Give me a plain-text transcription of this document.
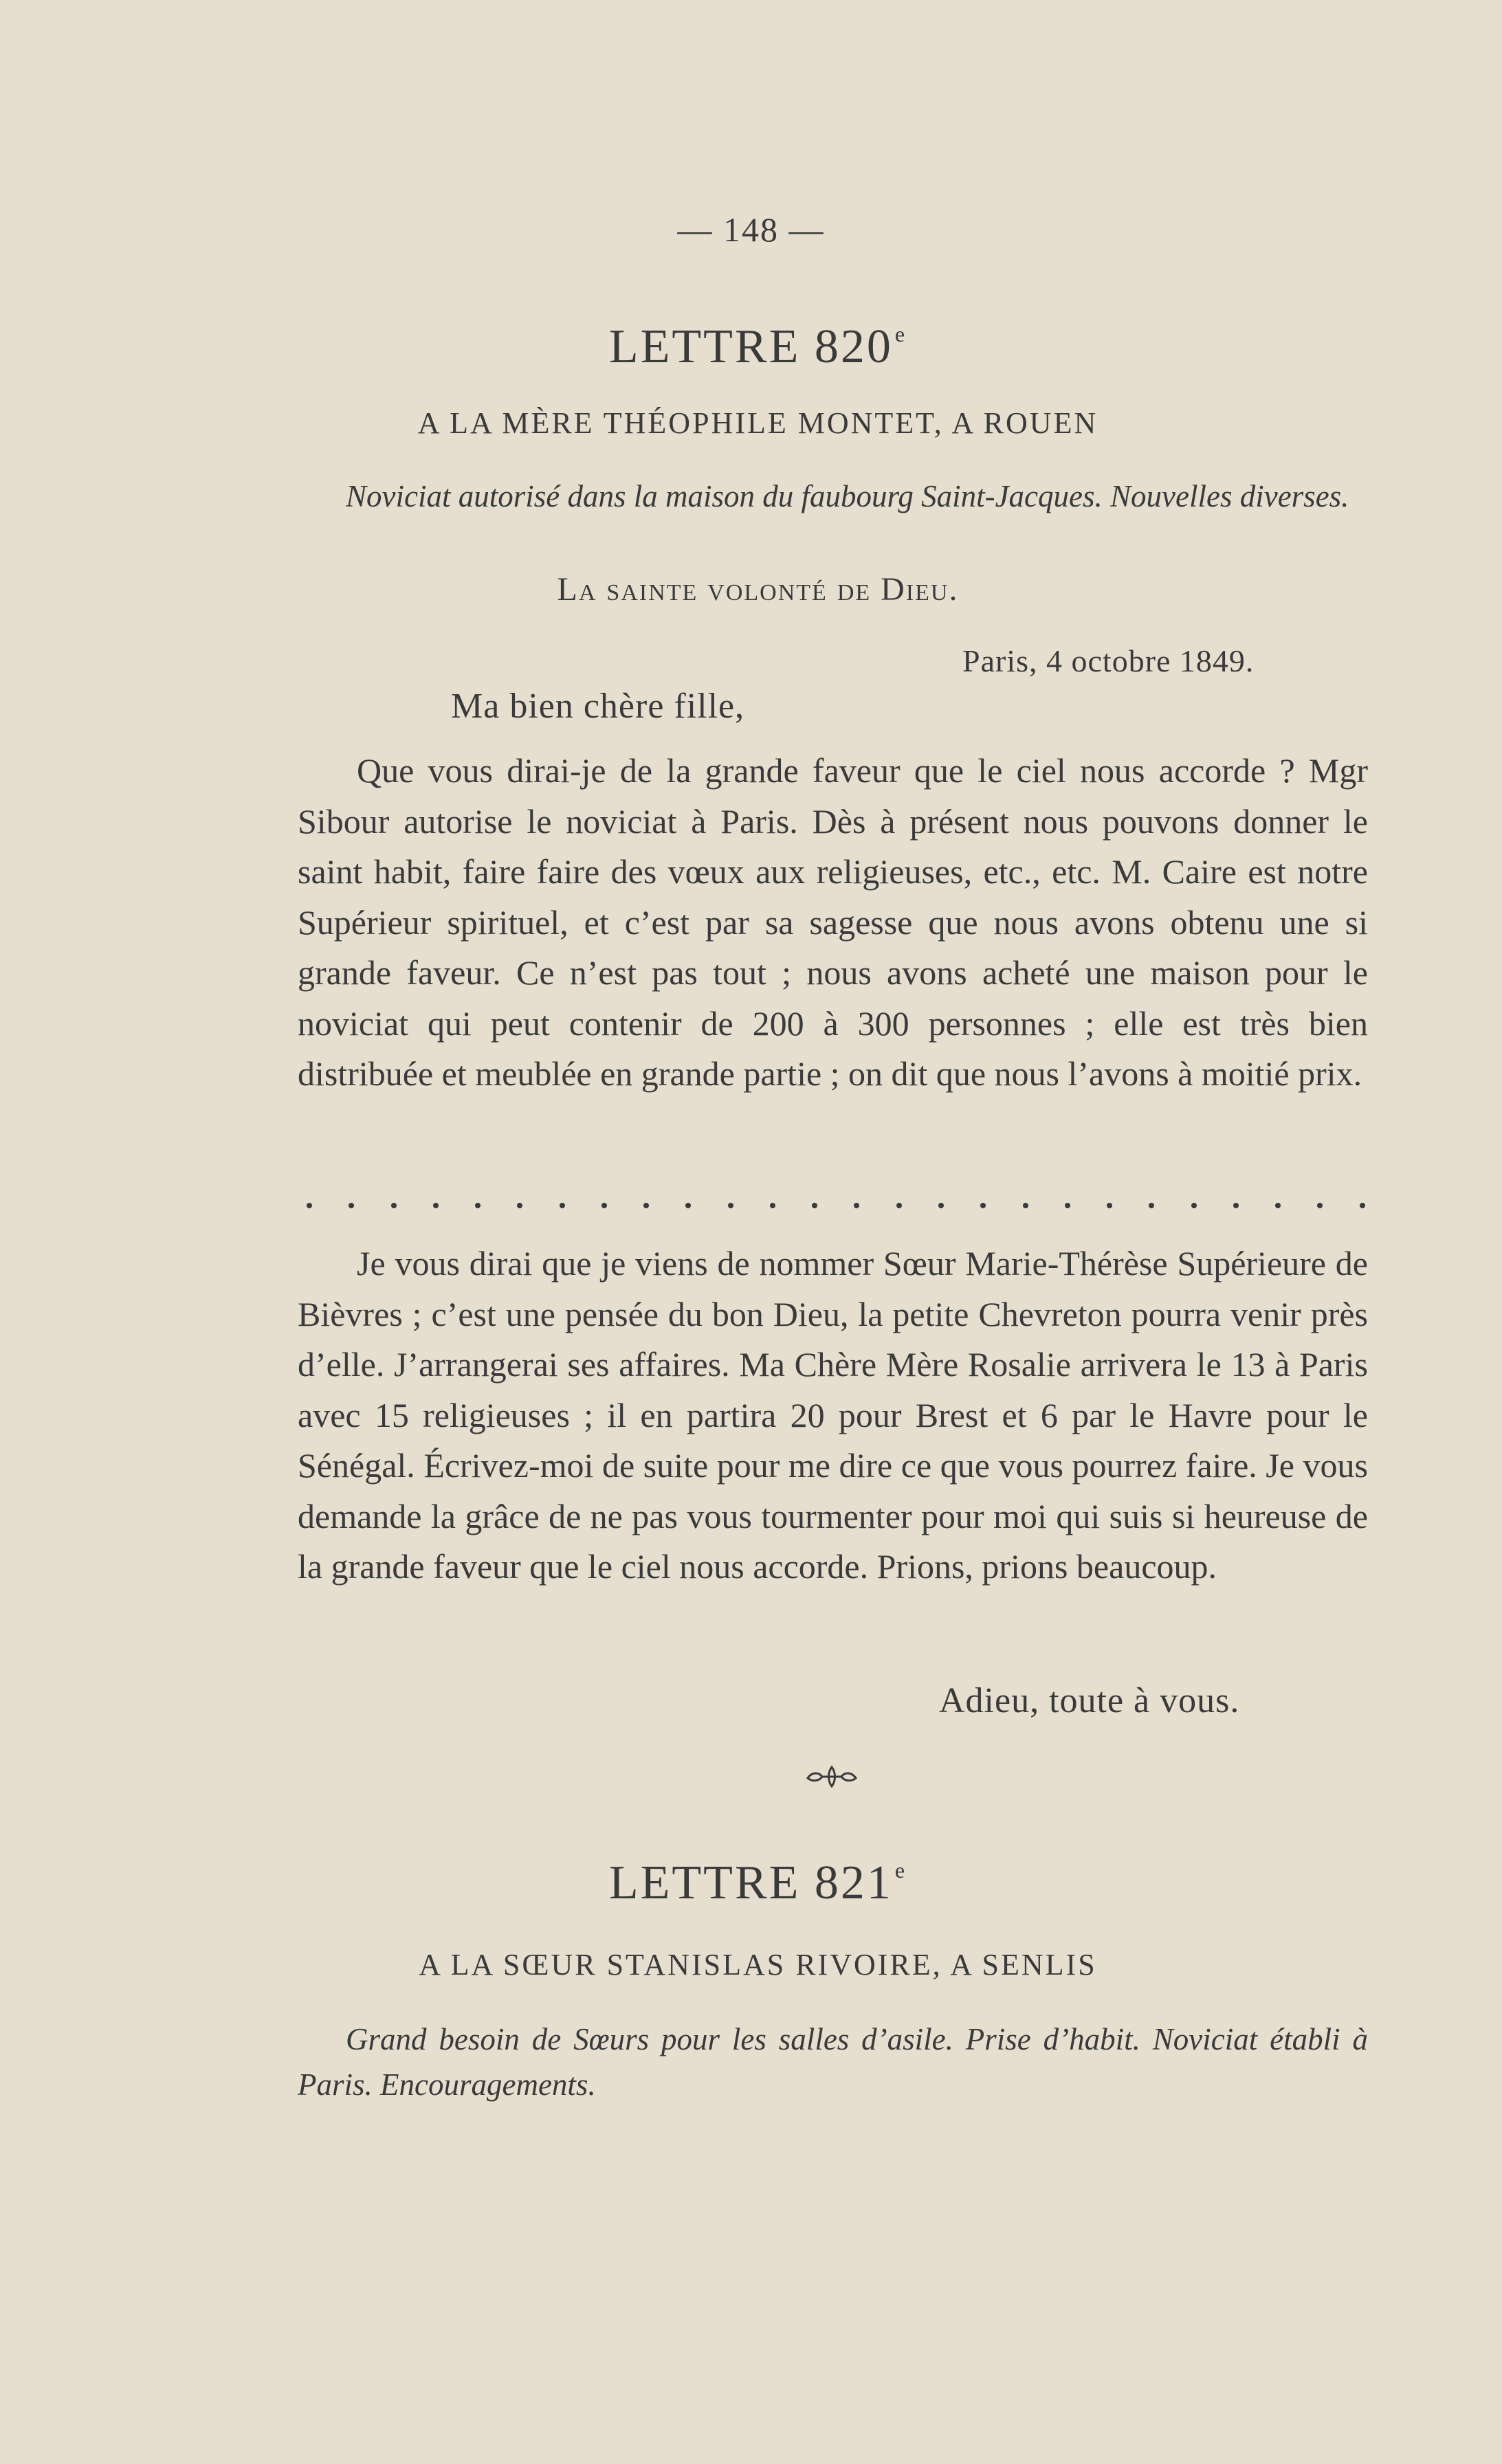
— 148 —
LETTRE 820e
A LA MÈRE THÉOPHILE MONTET, A ROUEN
Noviciat autorisé dans la maison du faubourg Saint-Jacques. Nouvelles diverses.
La sainte volonté de Dieu.
Paris, 4 octobre 1849.
Ma bien chère fille,

Que vous dirai-je de la grande faveur que le ciel nous accorde ? Mgr Sibour autorise le noviciat à Paris. Dès à présent nous pouvons donner le saint habit, faire faire des vœux aux religieuses, etc., etc. M. Caire est notre Supérieur spirituel, et c’est par sa sagesse que nous avons obtenu une si grande faveur. Ce n’est pas tout ; nous avons acheté une maison pour le noviciat qui peut contenir de 200 à 300 personnes ; elle est très bien distribuée et meublée en grande partie ; on dit que nous l’avons à moitié prix.

Je vous dirai que je viens de nommer Sœur Marie-Thérèse Supérieure de Bièvres ; c’est une pensée du bon Dieu, la petite Chevreton pourra venir près d’elle. J’arrangerai ses affaires. Ma Chère Mère Rosalie arrivera le 13 à Paris avec 15 religieuses ; il en partira 20 pour Brest et 6 par le Havre pour le Sénégal. Écrivez-moi de suite pour me dire ce que vous pourrez faire. Je vous demande la grâce de ne pas vous tourmenter pour moi qui suis si heureuse de la grande faveur que le ciel nous accorde. Prions, prions beaucoup.

Adieu, toute à vous.
LETTRE 821e
A LA SŒUR STANISLAS RIVOIRE, A SENLIS
Grand besoin de Sœurs pour les salles d’asile. Prise d’habit. Noviciat établi à Paris. Encouragements.
